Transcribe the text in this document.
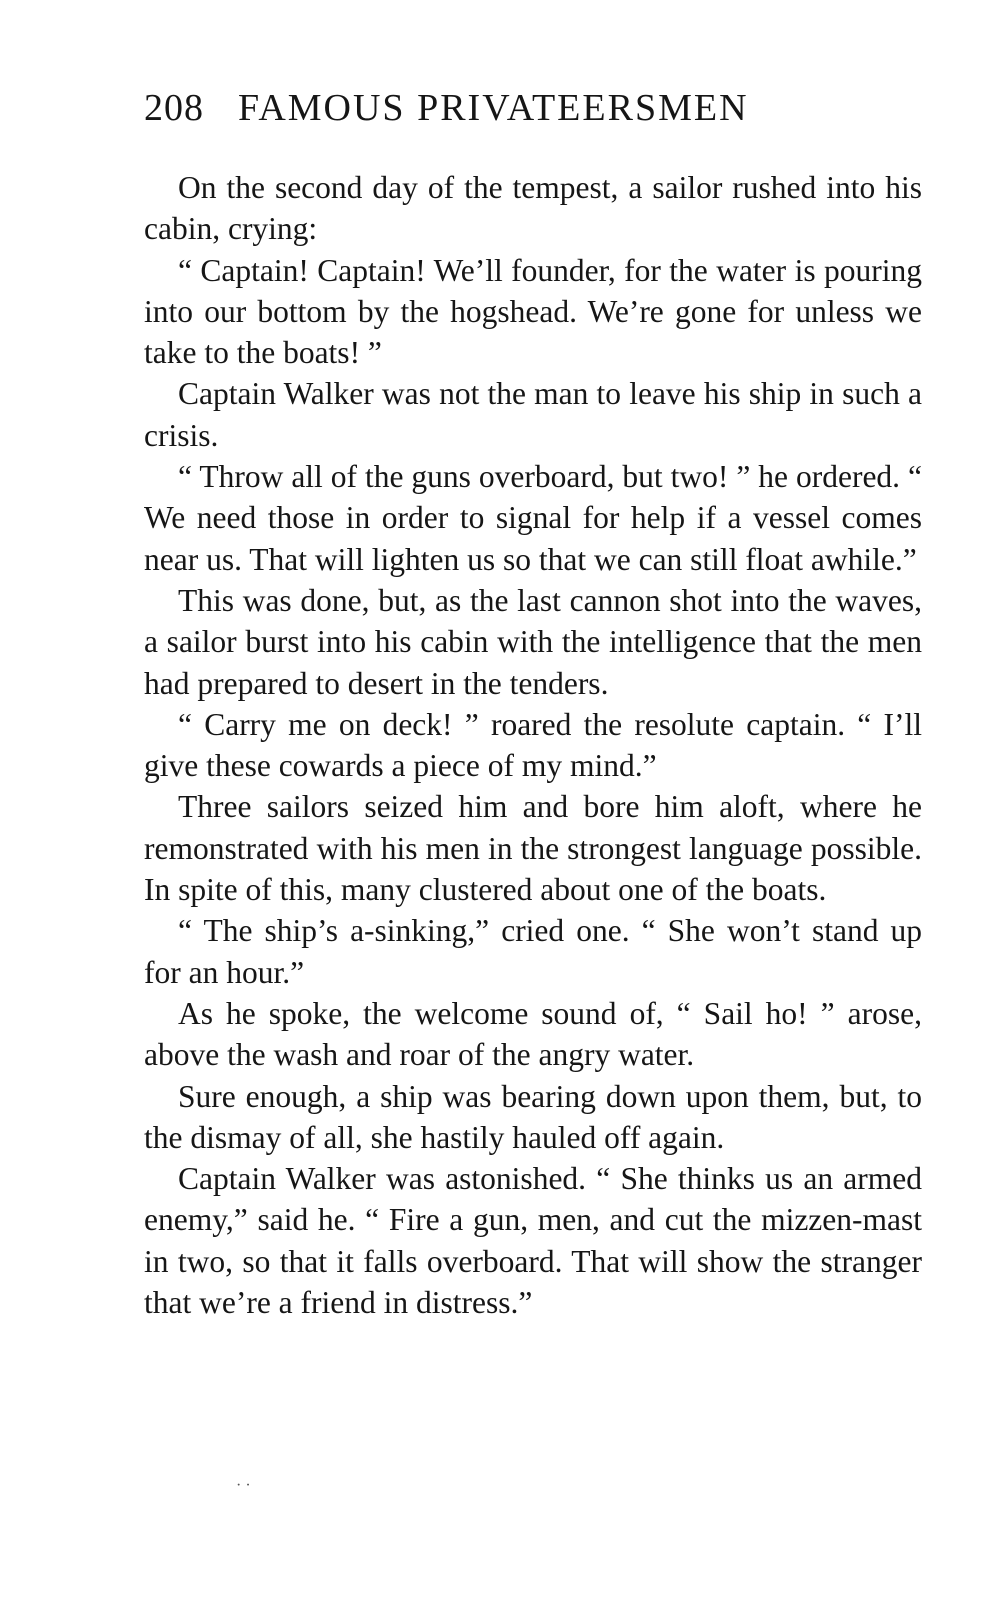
208 FAMOUS PRIVATEERSMEN

On the second day of the tempest, a sailor rushed into his cabin, crying:

“ Captain! Captain! We’ll founder, for the water is pouring into our bottom by the hogshead. We’re gone for unless we take to the boats! ”

Captain Walker was not the man to leave his ship in such a crisis.

“ Throw all of the guns overboard, but two! ” he ordered. “ We need those in order to signal for help if a vessel comes near us. That will lighten us so that we can still float awhile.”

This was done, but, as the last cannon shot into the waves, a sailor burst into his cabin with the intelligence that the men had prepared to desert in the tenders.

“ Carry me on deck! ” roared the resolute captain. “ I’ll give these cowards a piece of my mind.”

Three sailors seized him and bore him aloft, where he remonstrated with his men in the strongest language possible. In spite of this, many clustered about one of the boats.

“ The ship’s a-sinking,” cried one. “ She won’t stand up for an hour.”

As he spoke, the welcome sound of, “ Sail ho! ” arose, above the wash and roar of the angry water.

Sure enough, a ship was bearing down upon them, but, to the dismay of all, she hastily hauled off again.

Captain Walker was astonished. “ She thinks us an armed enemy,” said he. “ Fire a gun, men, and cut the mizzen-mast in two, so that it falls overboard. That will show the stranger that we’re a friend in distress.”

· ·
